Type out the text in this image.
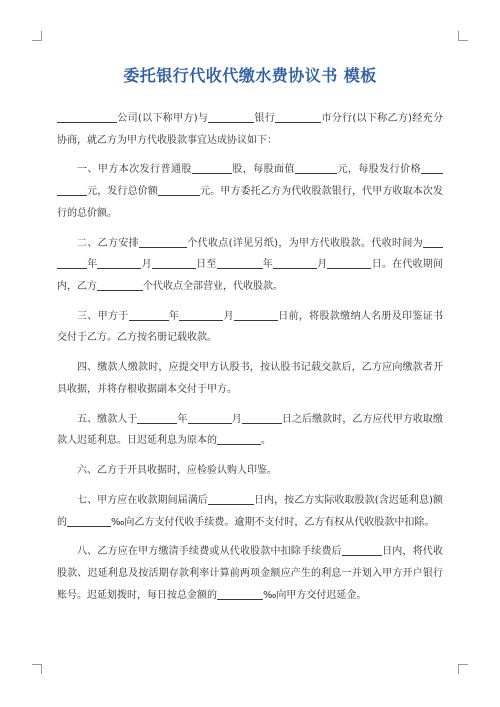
委托银行代收代缴水费协议书 模板

公司(以下称甲方)与	银行	市分行(以下称乙方)经充分协商，就乙方为甲方代收股款事宜达成协议如下：

一、甲方本次发行普通股	股，每股面值	元，每股发行价格元，发行总价额	元。甲方委托乙方为代收股款银行，代甲方收取本次发行的总价额。

二、乙方安排	个代收点(详见另纸)，为甲方代收股款。代收时间为年	月	日至	年	月	日。在代收期间内，乙方	个代收点全部营业，代收股款。

三、甲方于	年	月	日前，将股款缴纳人名册及印鉴证书交付于乙方。乙方按名册记载收款。

四、缴款人缴款时，应提交甲方认股书，按认股书记载交款后，乙方应向缴款者开具收据，并将存根收据副本交付于甲方。

五、缴款人于	年	月	日之后缴款时，乙方应代甲方收取缴款人迟延利息。日迟延利息为原本的	。

六、乙方于开具收据时，应检验认购人印鉴。

七、甲方应在收款期间届满后	日内，按乙方实际收取股款(含迟延利息)额的	‰向乙方支付代收手续费。逾期不支付时，乙方有权从代收股款中扣除。

八、乙方应在甲方缴清手续费或从代收股款中扣除手续费后	日内，将代收股款、迟延利息及按活期存款利率计算前两项金额应产生的利息一并划入甲方开户银行账号。迟延划拨时，每日按总金额的	‰向甲方交付迟延金。
